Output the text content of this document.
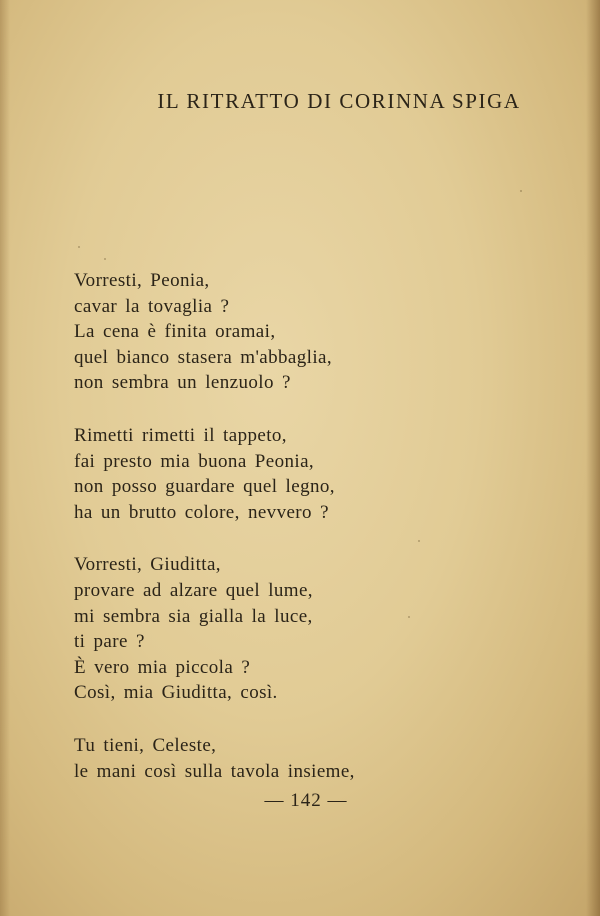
IL RITRATTO DI CORINNA SPIGA
Vorresti, Peonia,
cavar la tovaglia ?
La cena è finita oramai,
quel bianco stasera m'abbaglia,
non sembra un lenzuolo ?
Rimetti rimetti il tappeto,
fai presto mia buona Peonia,
non posso guardare quel legno,
ha un brutto colore, nevvero ?
Vorresti, Giuditta,
provare ad alzare quel lume,
mi sembra sia gialla la luce,
ti pare ?
È vero mia piccola ?
Così, mia Giuditta, così.
Tu tieni, Celeste,
le mani così sulla tavola insieme,
— 142 —
